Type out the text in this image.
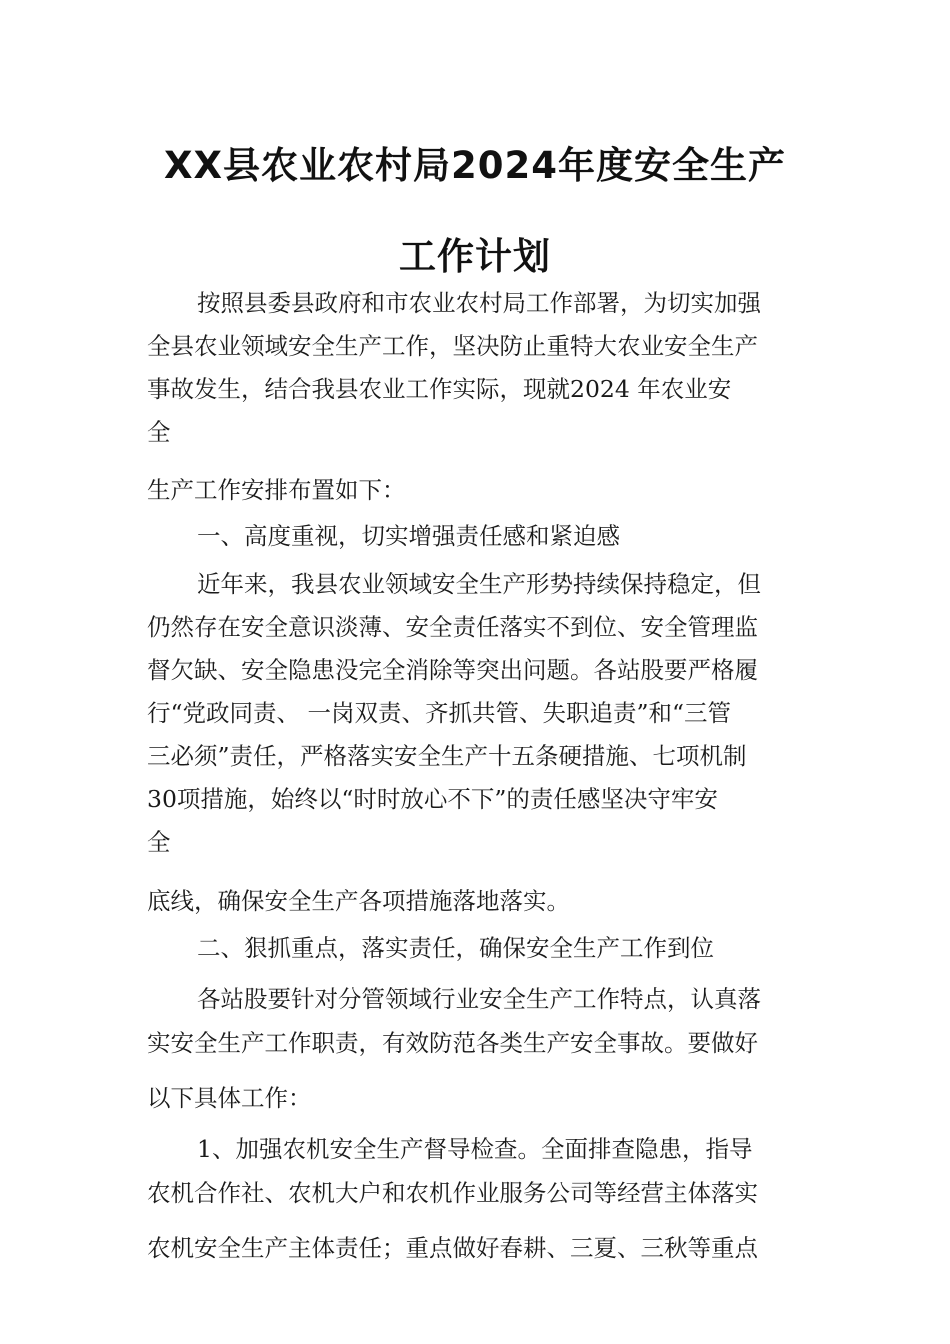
XX县农业农村局2024年度安全生产
工作计划
按照县委县政府和市农业农村局工作部署，为切实加强
全县农业领域安全生产工作，坚决防止重特大农业安全生产
事故发生，结合我县农业工作实际，现就2024 年农业安
全
生产工作安排布置如下：
一、高度重视，切实增强责任感和紧迫感
近年来，我县农业领域安全生产形势持续保持稳定，但
仍然存在安全意识淡薄、安全责任落实不到位、安全管理监
督欠缺、安全隐患没完全消除等突出问题。各站股要严格履
行“党政同责、 一岗双责、齐抓共管、失职追责”和“三管
三必须”责任，严格落实安全生产十五条硬措施、七项机制
30项措施，始终以“时时放心不下”的责任感坚决守牢安
全
底线，确保安全生产各项措施落地落实。
二、狠抓重点，落实责任，确保安全生产工作到位
各站股要针对分管领域行业安全生产工作特点，认真落
实安全生产工作职责，有效防范各类生产安全事故。要做好
以下具体工作：
1、加强农机安全生产督导检查。全面排查隐患，指导
农机合作社、农机大户和农机作业服务公司等经营主体落实
农机安全生产主体责任；重点做好春耕、三夏、三秋等重点
